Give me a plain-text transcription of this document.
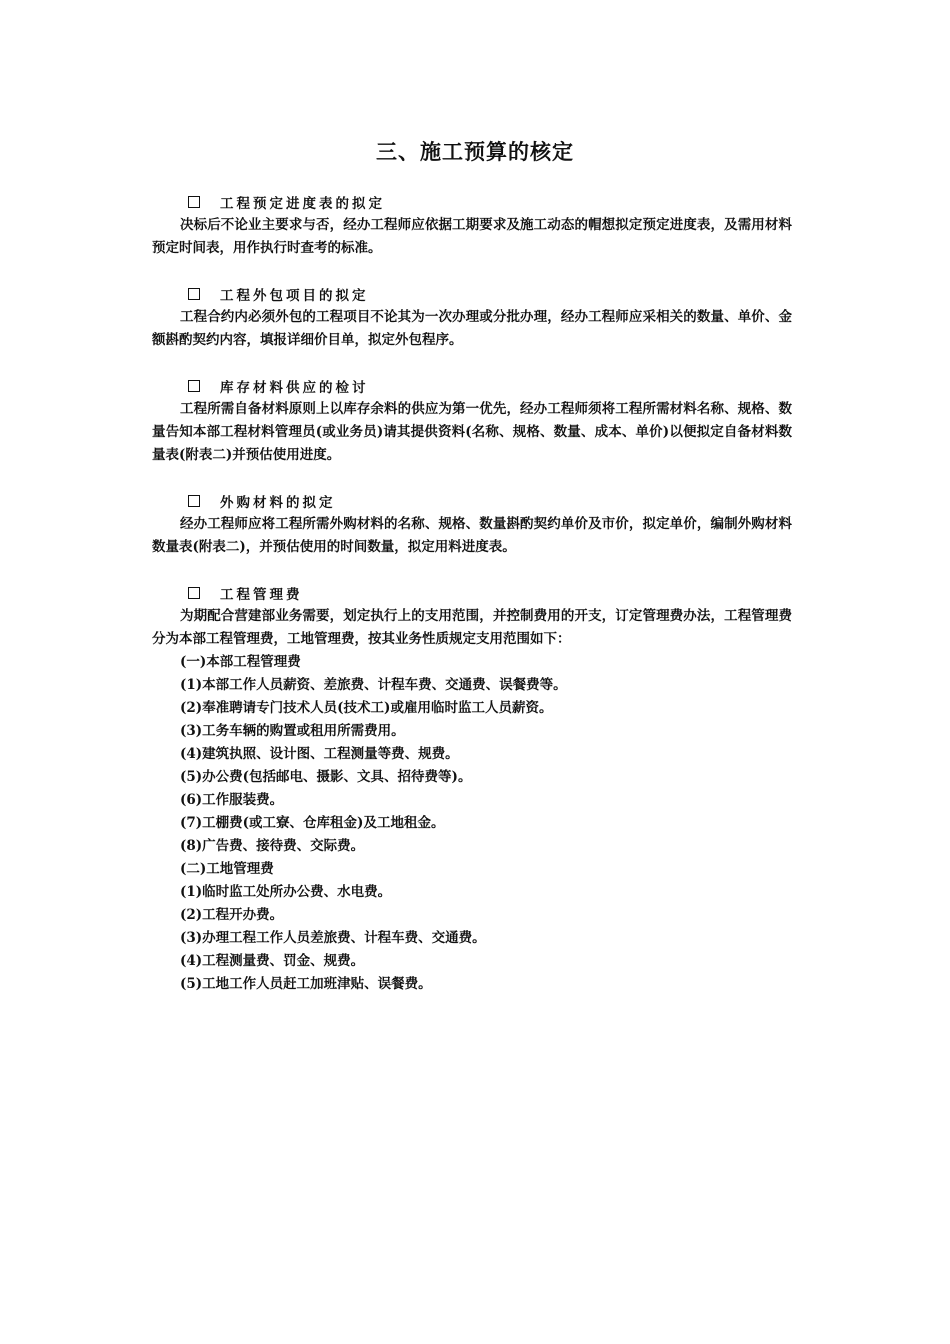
三、施工预算的核定
工程预定进度表的拟定
决标后不论业主要求与否，经办工程师应依据工期要求及施工动态的帽想拟定预定进度表，及需用材料预定时间表，用作执行时查考的标准。
工程外包项目的拟定
工程合约内必须外包的工程项目不论其为一次办理或分批办理，经办工程师应采相关的数量、单价、金额斟酌契约内容，填报详细价目单，拟定外包程序。
库存材料供应的检讨
工程所需自备材料原则上以库存余料的供应为第一优先，经办工程师须将工程所需材料名称、规格、数量告知本部工程材料管理员(或业务员)请其提供资料(名称、规格、数量、成本、单价)以便拟定自备材料数量表(附表二)并预估使用进度。
外购材料的拟定
经办工程师应将工程所需外购材料的名称、规格、数量斟酌契约单价及市价，拟定单价，编制外购材料数量表(附表二)，并预估使用的时间数量，拟定用料进度表。
工程管理费
为期配合营建部业务需要，划定执行上的支用范围，并控制费用的开支，订定管理费办法，工程管理费分为本部工程管理费，工地管理费，按其业务性质规定支用范围如下：
(一)本部工程管理费
(1)本部工作人员薪资、差旅费、计程车费、交通费、误餐费等。
(2)奉准聘请专门技术人员(技术工)或雇用临时监工人员薪资。
(3)工务车辆的购置或租用所需费用。
(4)建筑执照、设计图、工程测量等费、规费。
(5)办公费(包括邮电、摄影、文具、招待费等)。
(6)工作服装费。
(7)工棚费(或工寮、仓库租金)及工地租金。
(8)广告费、接待费、交际费。
(二)工地管理费
(1)临时监工处所办公费、水电费。
(2)工程开办费。
(3)办理工程工作人员差旅费、计程车费、交通费。
(4)工程测量费、罚金、规费。
(5)工地工作人员赶工加班津贴、误餐费。
